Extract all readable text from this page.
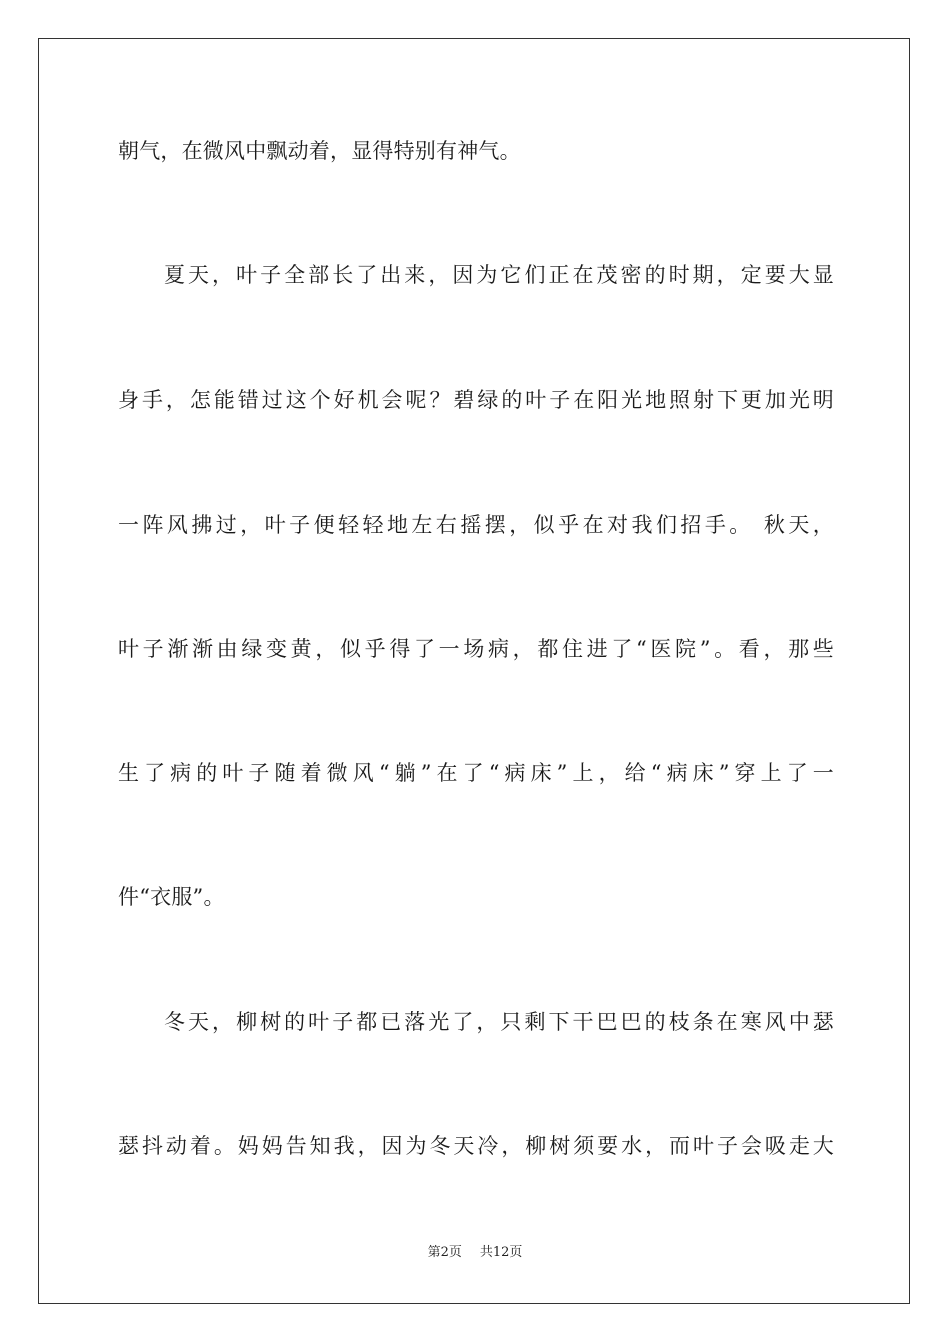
朝气，在微风中飘动着，显得特别有神气。
夏天，叶子全部长了出来，因为它们正在茂密的时期，定要大显
身手，怎能错过这个好机会呢？碧绿的叶子在阳光地照射下更加光明
一阵风拂过，叶子便轻轻地左右摇摆，似乎在对我们招手。 秋天，
叶子渐渐由绿变黄，似乎得了一场病，都住进了“医院”。看，那些
生了病的叶子随着微风“躺”在了“病床”上，给“病床”穿上了一
件“衣服”。
冬天，柳树的叶子都已落光了，只剩下干巴巴的枝条在寒风中瑟
瑟抖动着。妈妈告知我，因为冬天冷，柳树须要水，而叶子会吸走大
第2页 共12页
